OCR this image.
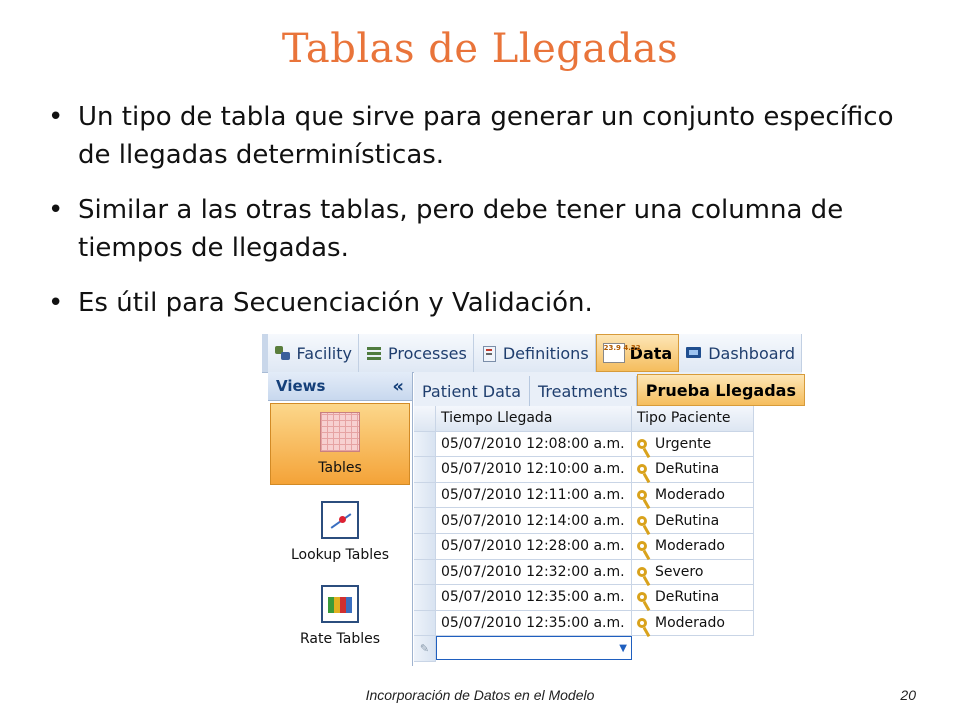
Tablas de Llegadas
• Un tipo de tabla que sirve para generar un conjunto específico de llegadas determinísticas.
• Similar a las otras tablas, pero debe tener una columna de tiempos de llegadas.
• Es útil para Secuenciación y Validación.
Facility Processes Definitions 23.9 4.32
Data Dashboard
Views	«
Tables
Lookup Tables
Rate Tables
Patient Data	Treatments	Prueba Llegadas
Tiempo Llegada	Tipo Paciente
05/07/2010 12:08:00 a.m.	Urgente
05/07/2010 12:10:00 a.m.	DeRutina
05/07/2010 12:11:00 a.m.	Moderado
05/07/2010 12:14:00 a.m.	DeRutina
05/07/2010 12:28:00 a.m.	Moderado
05/07/2010 12:32:00 a.m.	Severo
05/07/2010 12:35:00 a.m.	DeRutina
05/07/2010 12:35:00 a.m.	Moderado
✎	▼
Incorporación de Datos en el Modelo	20
